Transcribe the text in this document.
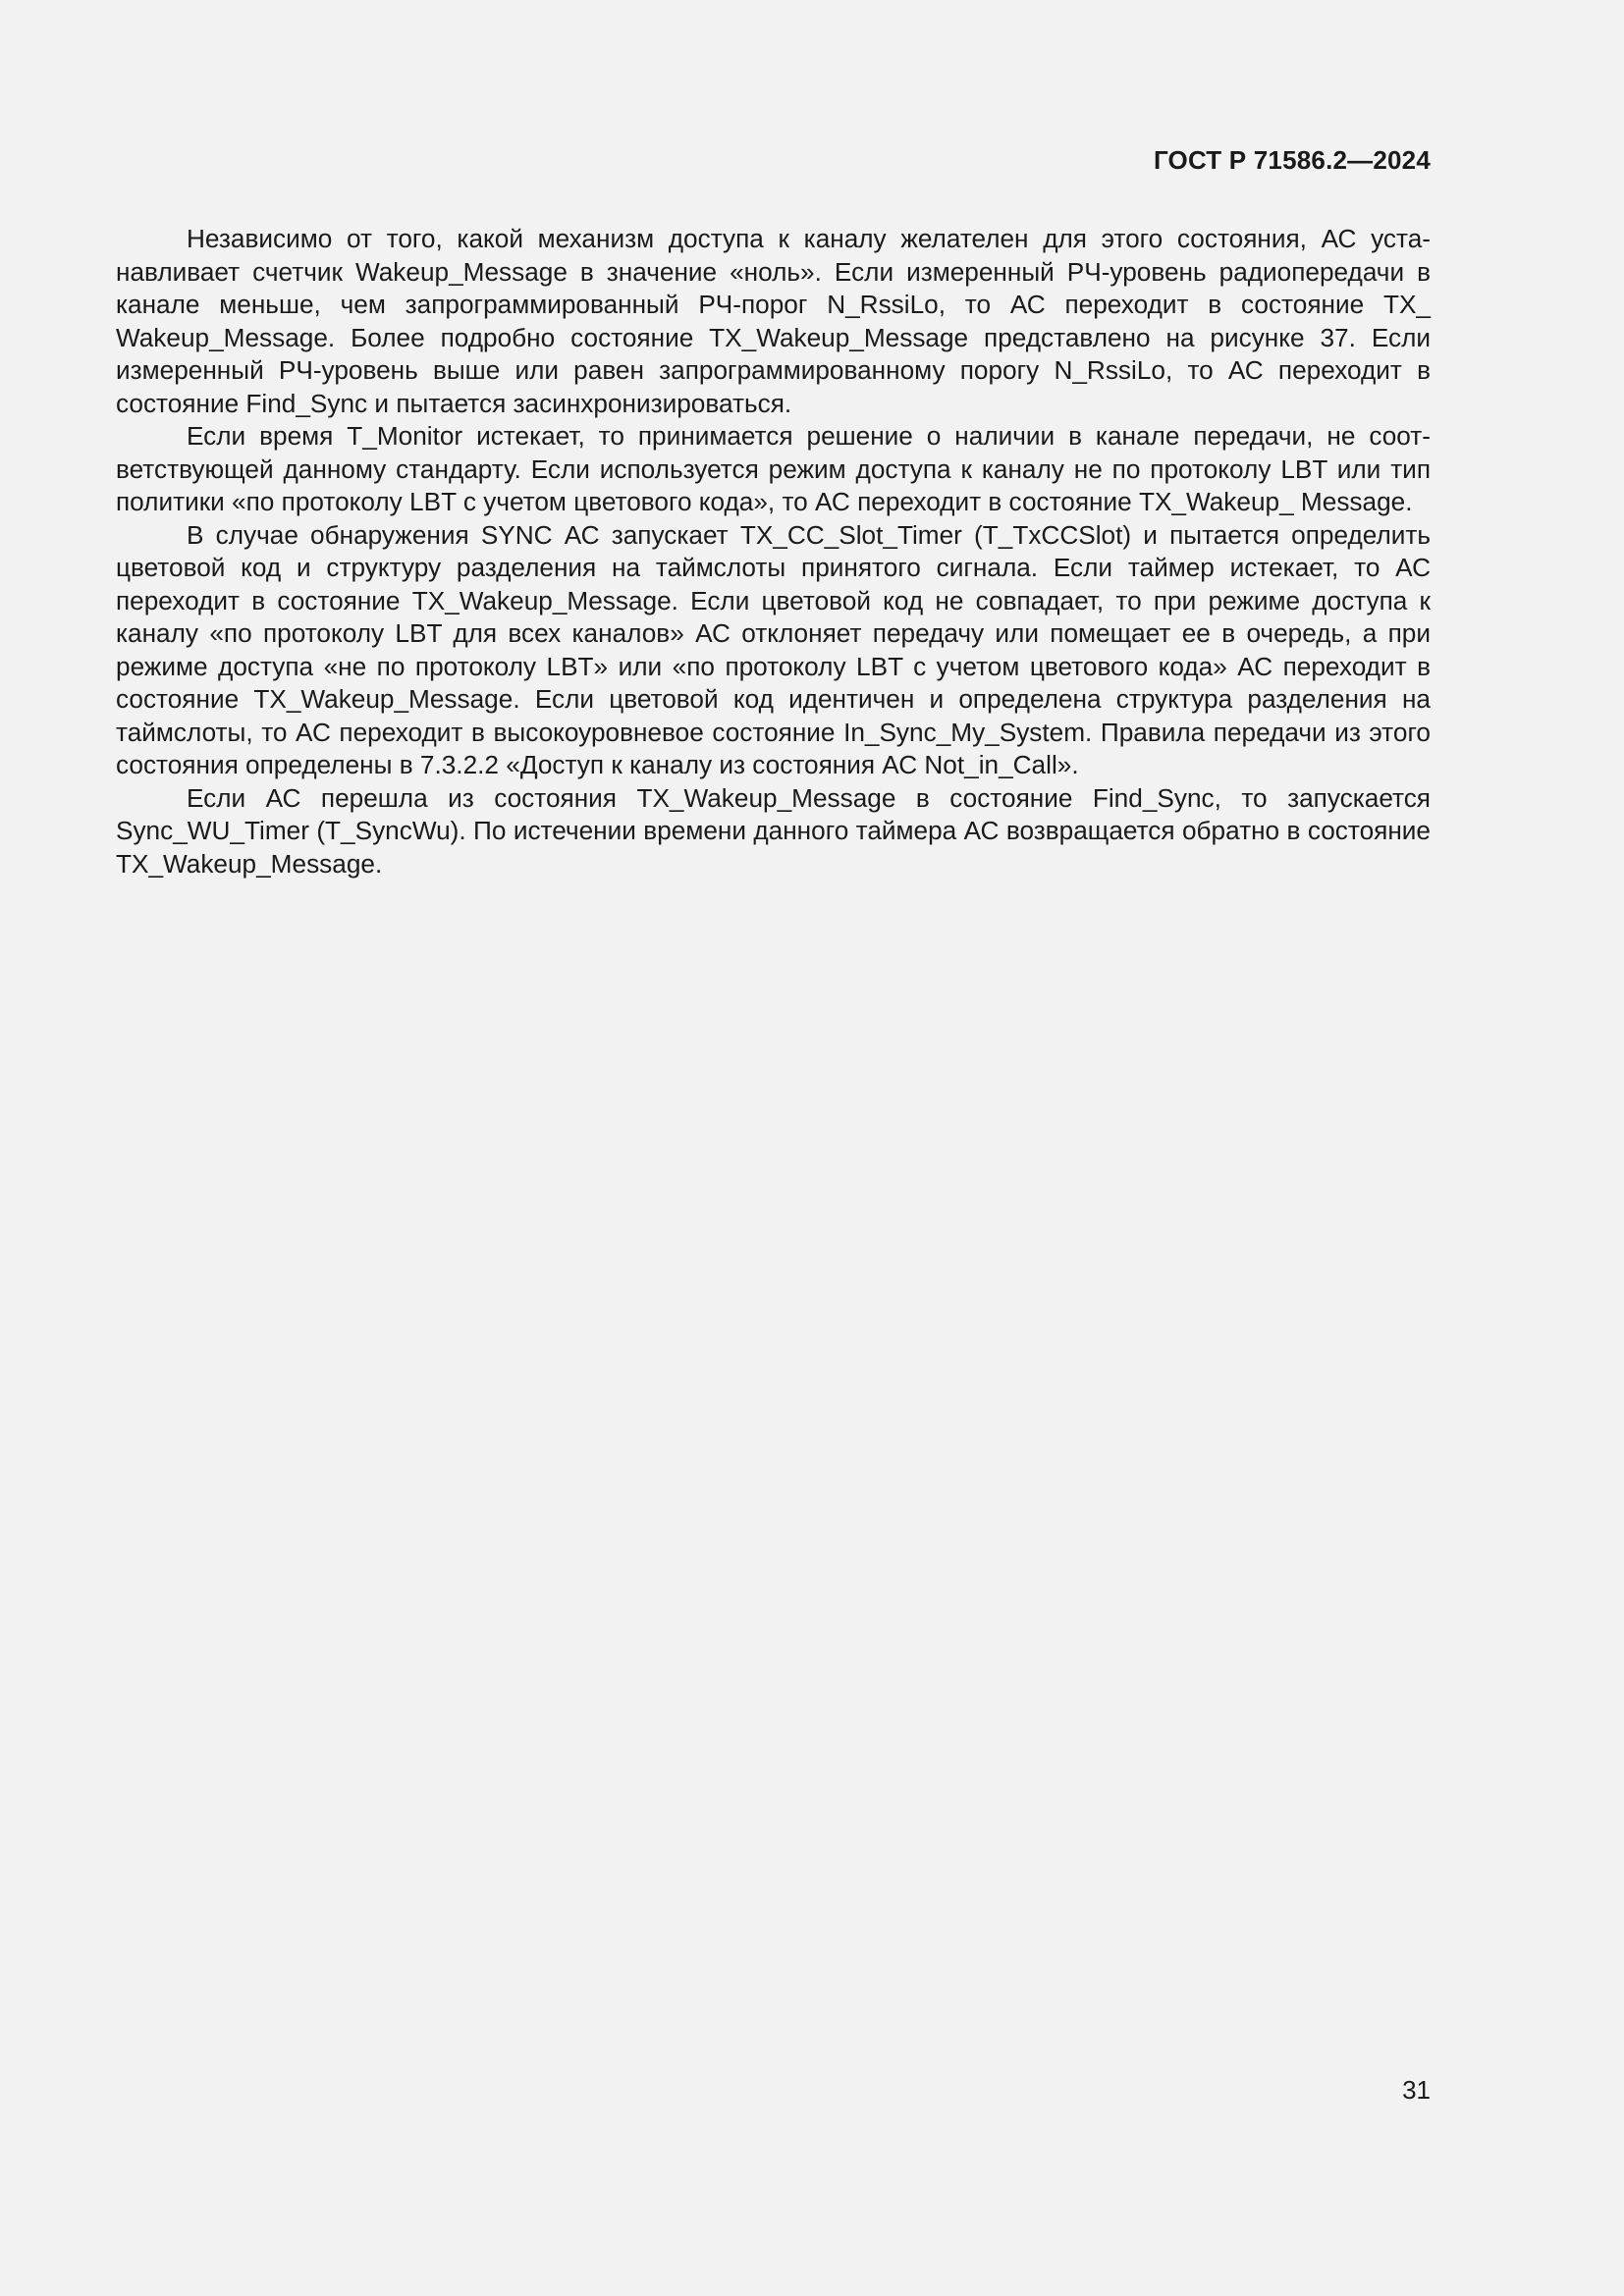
ГОСТ Р 71586.2—2024

Независимо от того, какой механизм доступа к каналу желателен для этого состояния, АС устанавливает счетчик Wakeup_Message в значение «ноль». Если измеренный РЧ-уровень радиопередачи в канале меньше, чем запрограммированный РЧ-порог N_RssiLo, то АС переходит в состояние TX_ Wakeup_Message. Более подробно состояние TX_Wakeup_Message представлено на рисунке 37. Если измеренный РЧ-уровень выше или равен запрограммированному порогу N_RssiLo, то АС переходит в состояние Find_Sync и пытается засинхронизироваться.

Если время T_Monitor истекает, то принимается решение о наличии в канале передачи, не соответствующей данному стандарту. Если используется режим доступа к каналу не по протоколу LBT или тип политики «по протоколу LBT с учетом цветового кода», то АС переходит в состояние TX_Wakeup_ Message.

В случае обнаружения SYNC АС запускает TX_CC_Slot_Timer (T_TxCCSlot) и пытается определить цветовой код и структуру разделения на таймслоты принятого сигнала. Если таймер истекает, то АС переходит в состояние TX_Wakeup_Message. Если цветовой код не совпадает, то при режиме доступа к каналу «по протоколу LBT для всех каналов» АС отклоняет передачу или помещает ее в очередь, а при режиме доступа «не по протоколу LBT» или «по протоколу LBT с учетом цветового кода» АС переходит в состояние TX_Wakeup_Message. Если цветовой код идентичен и определена структура разделения на таймслоты, то АС переходит в высокоуровневое состояние In_Sync_My_System. Правила передачи из этого состояния определены в 7.3.2.2 «Доступ к каналу из состояния АС Not_in_Call».

Если АС перешла из состояния TX_Wakeup_Message в состояние Find_Sync, то запускается Sync_WU_Timer (T_SyncWu). По истечении времени данного таймера АС возвращается обратно в состояние TX_Wakeup_Message.

31
